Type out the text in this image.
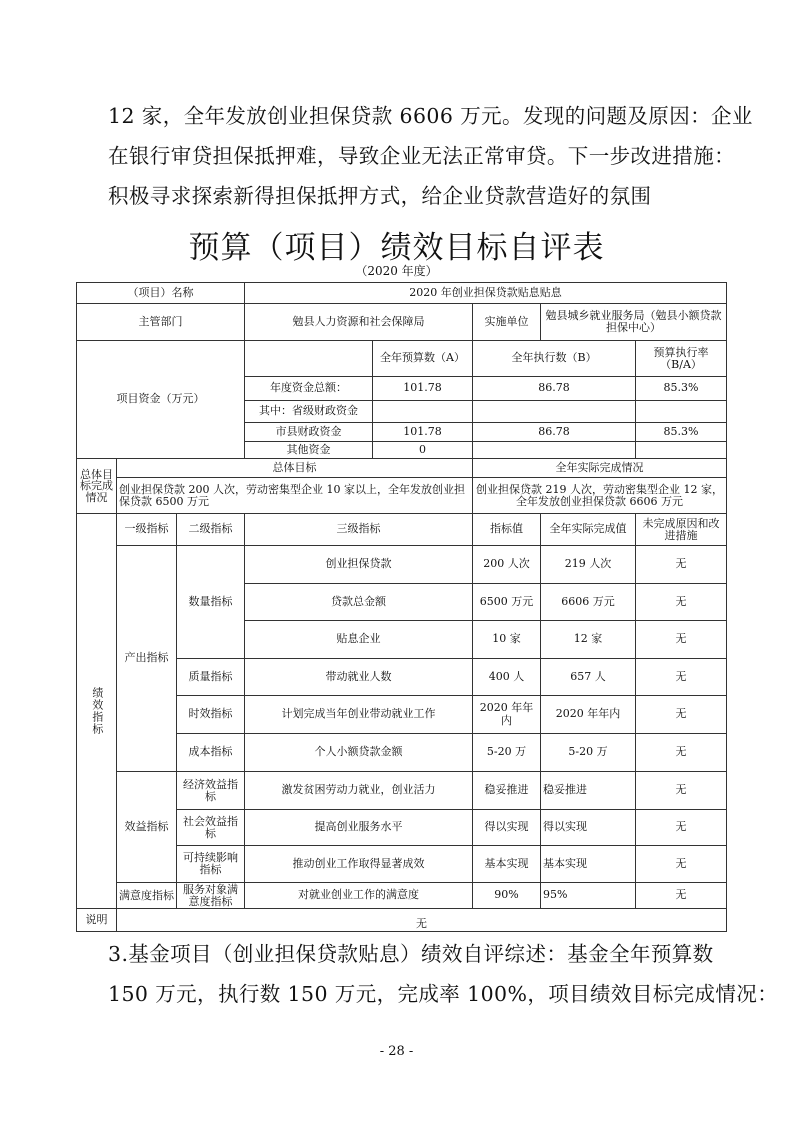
12 家，全年发放创业担保贷款 6606 万元。发现的问题及原因：企业
在银行审贷担保抵押难，导致企业无法正常审贷。下一步改进措施：
积极寻求探索新得担保抵押方式，给企业贷款营造好的氛围
预算（项目）绩效目标自评表
（2020 年度）
（项目）名称			2020 年创业担保贷款贴息贴息				
主管部门			勉县人力资源和社会保障局		实施单位	勉县城乡就业服务局（勉县小额贷款担保中心）	
项目资金（万元）				全年预算数（A）	全年执行数（B）		预算执行率（B/A）
			年度资金总额：	101.78	86.78		85.3%
			其中：省级财政资金				
			市县财政资金	101.78	86.78		85.3%
			其他资金	0			
总体目标完成情况	总体目标				全年实际完成情况		
	创业担保贷款 200 人次，劳动密集型企业 10 家以上，全年发放创业担保贷款 6500 万元				创业担保贷款 219 人次，劳动密集型企业 12 家，全年发放创业担保贷款 6606 万元		
绩效指标	一级指标	二级指标	三级指标		指标值	全年实际完成值	未完成原因和改进措施
	产出指标	数量指标	创业担保贷款		200 人次	219 人次	无
			贷款总金额		6500 万元	6606 万元	无
			贴息企业		10 家	12 家	无
		质量指标	带动就业人数		400 人	657 人	无
		时效指标	计划完成当年创业带动就业工作		2020 年年内	2020 年年内	无
		成本指标	个人小额贷款金额		5-20 万	5-20 万	无
	效益指标	经济效益指标	激发贫困劳动力就业，创业活力		稳妥推进	稳妥推进	无
		社会效益指标	提高创业服务水平		得以实现	得以实现	无
		可持续影响指标	推动创业工作取得显著成效		基本实现	基本实现	无
	满意度指标	服务对象满意度指标	对就业创业工作的满意度		90%	95%	无
说明	无						
3.基金项目（创业担保贷款贴息）绩效自评综述：基金全年预算数
150 万元，执行数 150 万元，完成率 100%，项目绩效目标完成情况：
- 28 -
